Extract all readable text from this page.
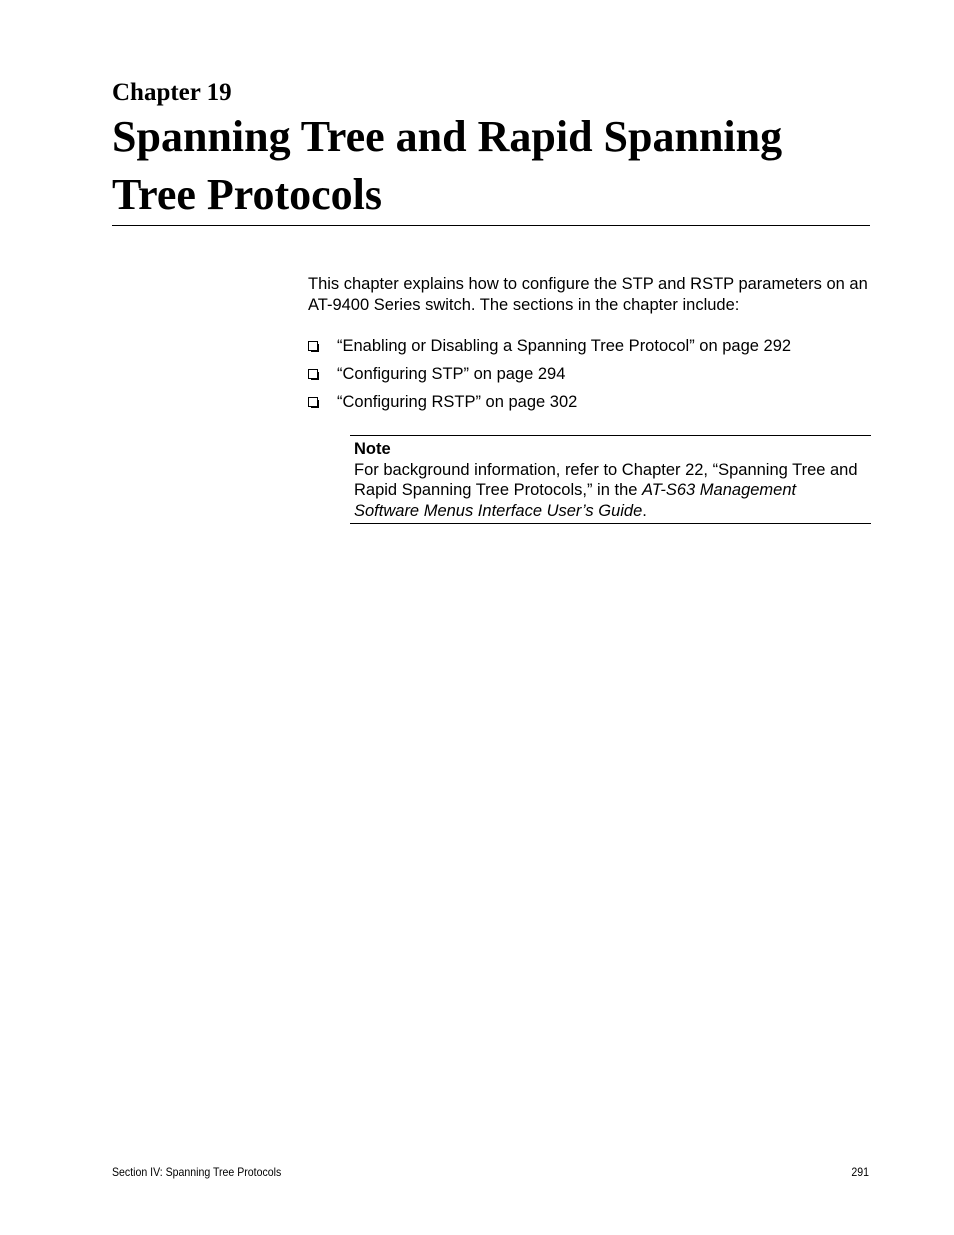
Chapter 19
Spanning Tree and Rapid Spanning Tree Protocols

This chapter explains how to configure the STP and RSTP parameters on an AT-9400 Series switch. The sections in the chapter include:

“Enabling or Disabling a Spanning Tree Protocol” on page 292
“Configuring STP” on page 294
“Configuring RSTP” on page 302
Note
For background information, refer to Chapter 22, “Spanning Tree and Rapid Spanning Tree Protocols,” in the AT-S63 Management Software Menus Interface User’s Guide.
Section IV: Spanning Tree Protocols	291
